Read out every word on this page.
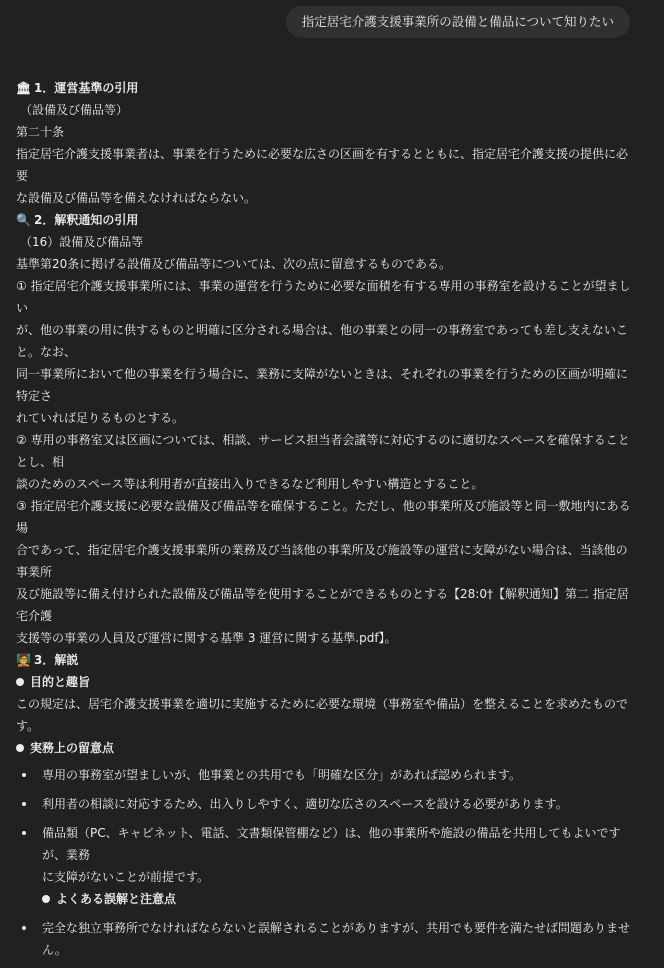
指定居宅介護支援事業所の設備と備品について知りたい
🏛 1．運営基準の引用
（設備及び備品等）
第二十条

指定居宅介護支援事業者は、事業を行うために必要な広さの区画を有するとともに、指定居宅介護支援の提供に必要
な設備及び備品等を備えなければならない。

🔍 2．解釈通知の引用
（16）設備及び備品等

基準第20条に掲げる設備及び備品等については、次の点に留意するものである。
① 指定居宅介護支援事業所には、事業の運営を行うために必要な面積を有する専用の事務室を設けることが望ましい
が、他の事業の用に供するものと明確に区分される場合は、他の事業との同一の事務室であっても差し支えないこと。なお、
同一事業所において他の事業を行う場合に、業務に支障がないときは、それぞれの事業を行うための区画が明確に特定さ
れていれば足りるものとする。
② 専用の事務室又は区画については、相談、サービス担当者会議等に対応するのに適切なスペースを確保することとし、相
談のためのスペース等は利用者が直接出入りできるなど利用しやすい構造とすること。
③ 指定居宅介護支援に必要な設備及び備品等を確保すること。ただし、他の事業所及び施設等と同一敷地内にある場
合であって、指定居宅介護支援事業所の業務及び当該他の事業所及び施設等の運営に支障がない場合は、当該他の事業所
及び施設等に備え付けられた設備及び備品等を使用することができるものとする【28:0†【解釈通知】第二 指定居宅介護
支援等の事業の人員及び運営に関する基準 3 運営に関する基準.pdf】。

🧑‍🏫 3．解説
目的と趣旨
この規定は、居宅介護支援事業を適切に実施するために必要な環境（事務室や備品）を整えることを求めたものです。
実務上の留意点
専用の事務室が望ましいが、他事業との共用でも「明確な区分」があれば認められます。
利用者の相談に対応するため、出入りしやすく、適切な広さのスペースを設ける必要があります。
備品類（PC、キャビネット、電話、文書類保管棚など）は、他の事業所や施設の備品を共用してもよいですが、業務
に支障がないことが前提です。
よくある誤解と注意点
完全な独立事務所でなければならないと誤解されることがありますが、共用でも要件を満たせば問題ありません。
